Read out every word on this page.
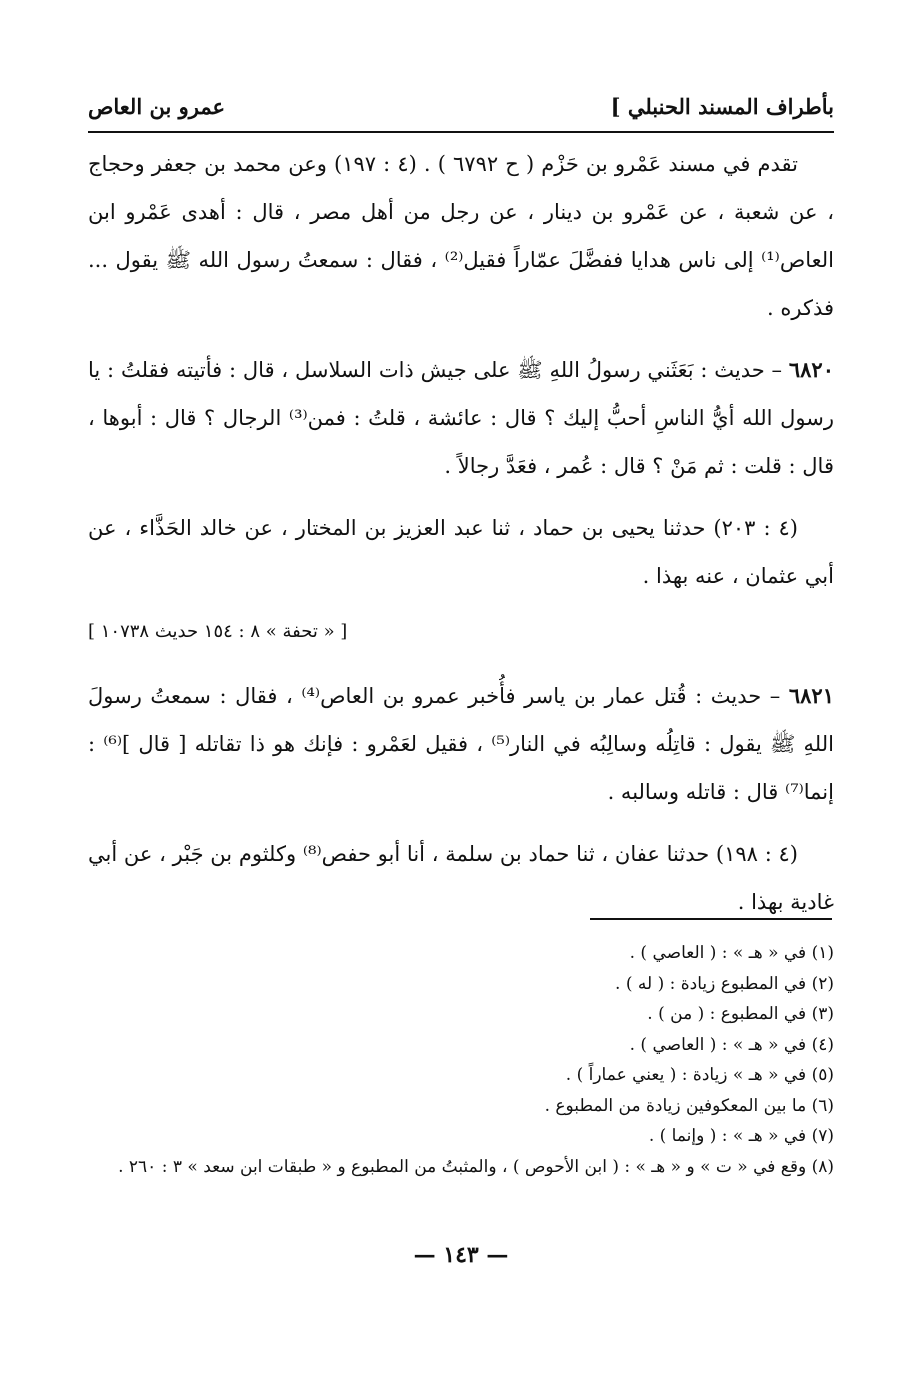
بأطراف المسند الحنبلي ]
عمرو بن العاص

تقدم في مسند عَمْرو بن حَزْم ( ح ٦٧٩٢ ) . (٤ : ١٩٧) وعن محمد بن جعفر وحجاج ، عن شعبة ، عن عَمْرو بن دينار ، عن رجل من أهل مصر ، قال : أهدى عَمْرو ابن العاص⁽¹⁾ إلى ناس هدايا ففضَّلَ عمّاراً فقيل⁽²⁾ ، فقال : سمعتُ رسول الله ﷺ يقول ... فذكره .

٦٨٢٠ – حديث : بَعَثَني رسولُ اللهِ ﷺ على جيش ذات السلاسل ، قال : فأتيته فقلتُ : يا رسول الله أيُّ الناسِ أحبُّ إليك ؟ قال : عائشة ، قلتُ : فمن⁽³⁾ الرجال ؟ قال : أبوها ، قال : قلت : ثم مَنْ ؟ قال : عُمر ، فعَدَّ رجالاً .

(٤ : ٢٠٣) حدثنا يحيى بن حماد ، ثنا عبد العزيز بن المختار ، عن خالد الحَذَّاء ، عن أبي عثمان ، عنه بهذا .

[ « تحفة » ٨ : ١٥٤ حديث ١٠٧٣٨ ]

٦٨٢١ – حديث : قُتل عمار بن ياسر فأُخبر عمرو بن العاص⁽⁴⁾ ، فقال : سمعتُ رسولَ اللهِ ﷺ يقول : قاتِلُه وسالِبُه في النار⁽⁵⁾ ، فقيل لعَمْرو : فإنك هو ذا تقاتله [ قال ]⁽⁶⁾ : إنما⁽⁷⁾ قال : قاتله وسالبه .

(٤ : ١٩٨) حدثنا عفان ، ثنا حماد بن سلمة ، أنا أبو حفص⁽⁸⁾ وكلثوم بن جَبْر ، عن أبي غادية بهذا .

(١) في « هـ » : ( العاصي ) .
(٢) في المطبوع زيادة : ( له ) .
(٣) في المطبوع : ( من ) .
(٤) في « هـ » : ( العاصي ) .
(٥) في « هـ » زيادة : ( يعني عماراً ) .
(٦) ما بين المعكوفين زيادة من المطبوع .
(٧) في « هـ » : ( وإنما ) .
(٨) وقع في « ت » و « هـ » : ( ابن الأحوص ) ، والمثبتُ من المطبوع و « طبقات ابن سعد » ٣ : ٢٦٠ .
— ١٤٣ —
